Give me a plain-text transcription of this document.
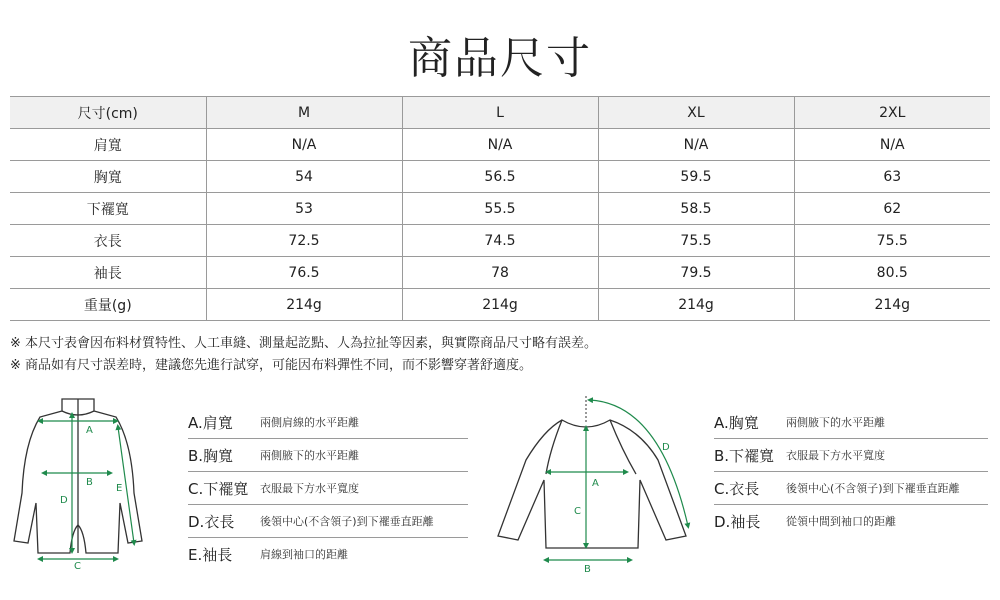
商品尺寸
尺寸(cm)	M	L	XL	2XL
肩寬	N/A	N/A	N/A	N/A
胸寬	54	56.5	59.5	63
下襬寬	53	55.5	58.5	62
衣長	72.5	74.5	75.5	75.5
袖長	76.5	78	79.5	80.5
重量(g)	214g	214g	214g	214g
※ 本尺寸表會因布料材質特性、人工車縫、測量起訖點、人為拉扯等因素，與實際商品尺寸略有誤差。
※ 商品如有尺寸誤差時，建議您先進行試穿，可能因布料彈性不同，而不影響穿著舒適度。
A
B
C
D
E
A.肩寬	兩側肩線的水平距離
B.胸寬	兩側腋下的水平距離
C.下襬寬	衣服最下方水平寬度
D.衣長	後領中心(不含領子)到下襬垂直距離
E.袖長	肩線到袖口的距離
A
B
C
D
A.胸寬	兩側腋下的水平距離
B.下襬寬	衣服最下方水平寬度
C.衣長	後領中心(不含領子)到下襬垂直距離
D.袖長	從領中間到袖口的距離
